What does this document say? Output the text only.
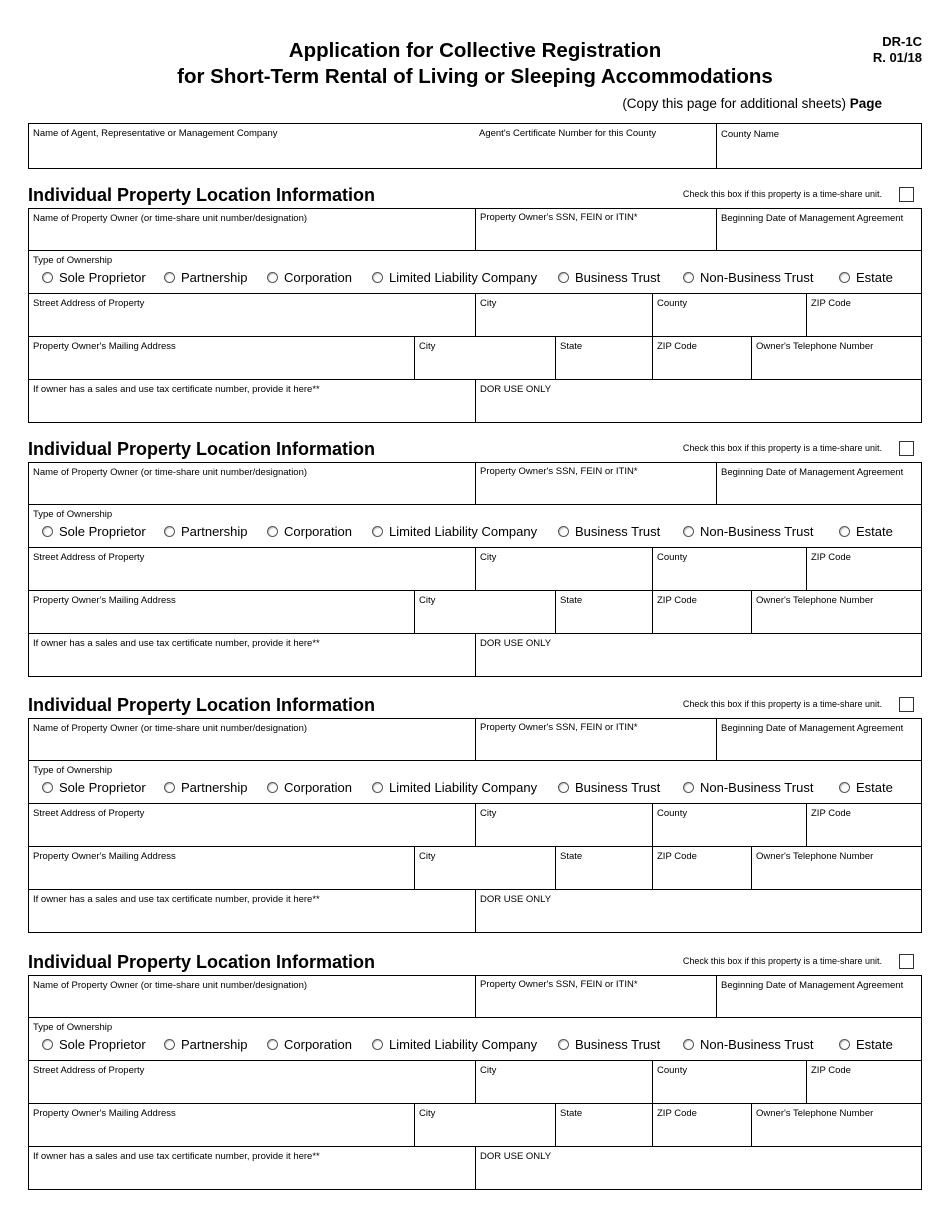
Application for Collective Registration
for Short-Term Rental of Living or Sleeping Accommodations
DR-1C
R. 01/18
(Copy this page for additional sheets) Page
Name of Agent, Representative or Management Company	Agent's Certificate Number for this County	County Name
Individual Property Location Information	Check this box if this property is a time-share unit.
Name of Property Owner (or time-share unit number/designation)	Property Owner's SSN, FEIN or ITIN*	Beginning Date of Management Agreement
Type of Ownership
Sole Proprietor	Partnership	Corporation	Limited Liability Company	Business Trust	Non-Business Trust	Estate
Street Address of Property	City	County	ZIP Code
Property Owner's Mailing Address	City	State	ZIP Code	Owner's Telephone Number
If owner has a sales and use tax certificate number, provide it here**	DOR USE ONLY
Individual Property Location Information	Check this box if this property is a time-share unit.
Name of Property Owner (or time-share unit number/designation)	Property Owner's SSN, FEIN or ITIN*	Beginning Date of Management Agreement
Type of Ownership
Sole Proprietor	Partnership	Corporation	Limited Liability Company	Business Trust	Non-Business Trust	Estate
Street Address of Property	City	County	ZIP Code
Property Owner's Mailing Address	City	State	ZIP Code	Owner's Telephone Number
If owner has a sales and use tax certificate number, provide it here**	DOR USE ONLY
Individual Property Location Information	Check this box if this property is a time-share unit.
Name of Property Owner (or time-share unit number/designation)	Property Owner's SSN, FEIN or ITIN*	Beginning Date of Management Agreement
Type of Ownership
Sole Proprietor	Partnership	Corporation	Limited Liability Company	Business Trust	Non-Business Trust	Estate
Street Address of Property	City	County	ZIP Code
Property Owner's Mailing Address	City	State	ZIP Code	Owner's Telephone Number
If owner has a sales and use tax certificate number, provide it here**	DOR USE ONLY
Individual Property Location Information	Check this box if this property is a time-share unit.
Name of Property Owner (or time-share unit number/designation)	Property Owner's SSN, FEIN or ITIN*	Beginning Date of Management Agreement
Type of Ownership
Sole Proprietor	Partnership	Corporation	Limited Liability Company	Business Trust	Non-Business Trust	Estate
Street Address of Property	City	County	ZIP Code
Property Owner's Mailing Address	City	State	ZIP Code	Owner's Telephone Number
If owner has a sales and use tax certificate number, provide it here**	DOR USE ONLY
